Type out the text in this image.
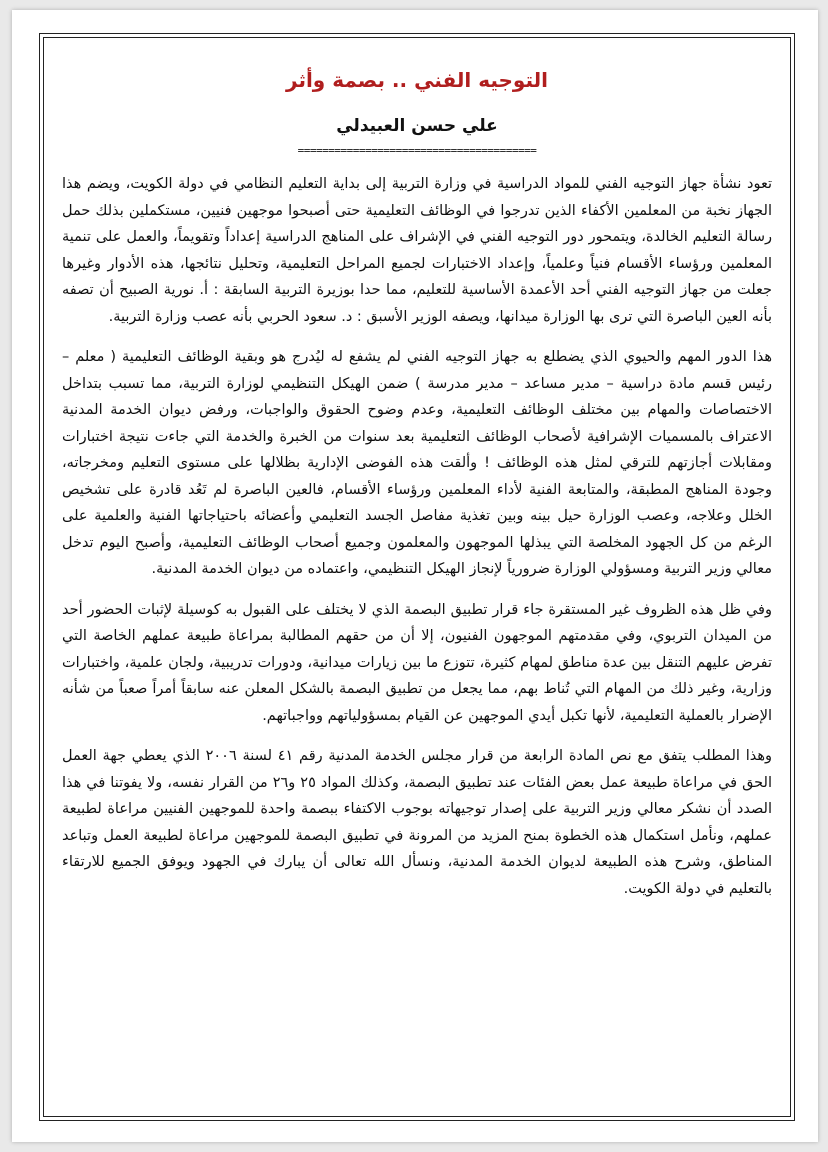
التوجيه الفني .. بصمة وأثر
علي حسن العبيدلي
=======================================

تعود نشأة جهاز التوجيه الفني للمواد الدراسية في وزارة التربية إلى بداية التعليم النظامي في دولة الكويت، ويضم هذا الجهاز نخبة من المعلمين الأكفاء الذين تدرجوا في الوظائف التعليمية حتى أصبحوا موجهين فنيين، مستكملين بذلك حمل رسالة التعليم الخالدة، ويتمحور دور التوجيه الفني في الإشراف على المناهج الدراسية إعداداً وتقويماً، والعمل على تنمية المعلمين ورؤساء الأقسام فنياً وعلمياً، وإعداد الاختبارات لجميع المراحل التعليمية، وتحليل نتائجها، هذه الأدوار وغيرها جعلت من جهاز التوجيه الفني أحد الأعمدة الأساسية للتعليم، مما حدا بوزيرة التربية السابقة : أ. نورية الصبيح أن تصفه بأنه العين الباصرة التي ترى بها الوزارة ميدانها، ويصفه الوزير الأسبق : د. سعود الحربي بأنه عصب وزارة التربية.

هذا الدور المهم والحيوي الذي يضطلع به جهاز التوجيه الفني لم يشفع له ليُدرج هو وبقية الوظائف التعليمية ( معلم – رئيس قسم مادة دراسية – مدير مساعد – مدير مدرسة ) ضمن الهيكل التنظيمي لوزارة التربية، مما تسبب بتداخل الاختصاصات والمهام بين مختلف الوظائف التعليمية، وعدم وضوح الحقوق والواجبات، ورفض ديوان الخدمة المدنية الاعتراف بالمسميات الإشرافية لأصحاب الوظائف التعليمية بعد سنوات من الخبرة والخدمة التي جاءت نتيجة اختبارات ومقابلات أجازتهم للترقي لمثل هذه الوظائف ! وألقت هذه الفوضى الإدارية بظلالها على مستوى التعليم ومخرجاته، وجودة المناهج المطبقة، والمتابعة الفنية لأداء المعلمين ورؤساء الأقسام، فالعين الباصرة لم تَعُد قادرة على تشخيص الخلل وعلاجه، وعصب الوزارة حيل بينه وبين تغذية مفاصل الجسد التعليمي وأعضائه باحتياجاتها الفنية والعلمية على الرغم من كل الجهود المخلصة التي يبذلها الموجهون والمعلمون وجميع أصحاب الوظائف التعليمية، وأصبح اليوم تدخل معالي وزير التربية ومسؤولي الوزارة ضرورياً لإنجاز الهيكل التنظيمي، واعتماده من ديوان الخدمة المدنية.

وفي ظل هذه الظروف غير المستقرة جاء قرار تطبيق البصمة الذي لا يختلف على القبول به كوسيلة لإثبات الحضور أحد من الميدان التربوي، وفي مقدمتهم الموجهون الفنيون، إلا أن من حقهم المطالبة بمراعاة طبيعة عملهم الخاصة التي تفرض عليهم التنقل بين عدة مناطق لمهام كثيرة، تتوزع ما بين زيارات ميدانية، ودورات تدريبية، ولجان علمية، واختبارات وزارية، وغير ذلك من المهام التي تُناط بهم، مما يجعل من تطبيق البصمة بالشكل المعلن عنه سابقاً أمراً صعباً من شأنه الإضرار بالعملية التعليمية، لأنها تكبل أيدي الموجهين عن القيام بمسؤولياتهم وواجباتهم.

وهذا المطلب يتفق مع نص المادة الرابعة من قرار مجلس الخدمة المدنية رقم ٤١ لسنة ٢٠٠٦ الذي يعطي جهة العمل الحق في مراعاة طبيعة عمل بعض الفئات عند تطبيق البصمة، وكذلك المواد ٢٥ و٢٦ من القرار نفسه، ولا يفوتنا في هذا الصدد أن نشكر معالي وزير التربية على إصدار توجيهاته بوجوب الاكتفاء ببصمة واحدة للموجهين الفنيين مراعاة لطبيعة عملهم، ونأمل استكمال هذه الخطوة بمنح المزيد من المرونة في تطبيق البصمة للموجهين مراعاة لطبيعة العمل وتباعد المناطق، وشرح هذه الطبيعة لديوان الخدمة المدنية، ونسأل الله تعالى أن يبارك في الجهود ويوفق الجميع للارتقاء بالتعليم في دولة الكويت.
